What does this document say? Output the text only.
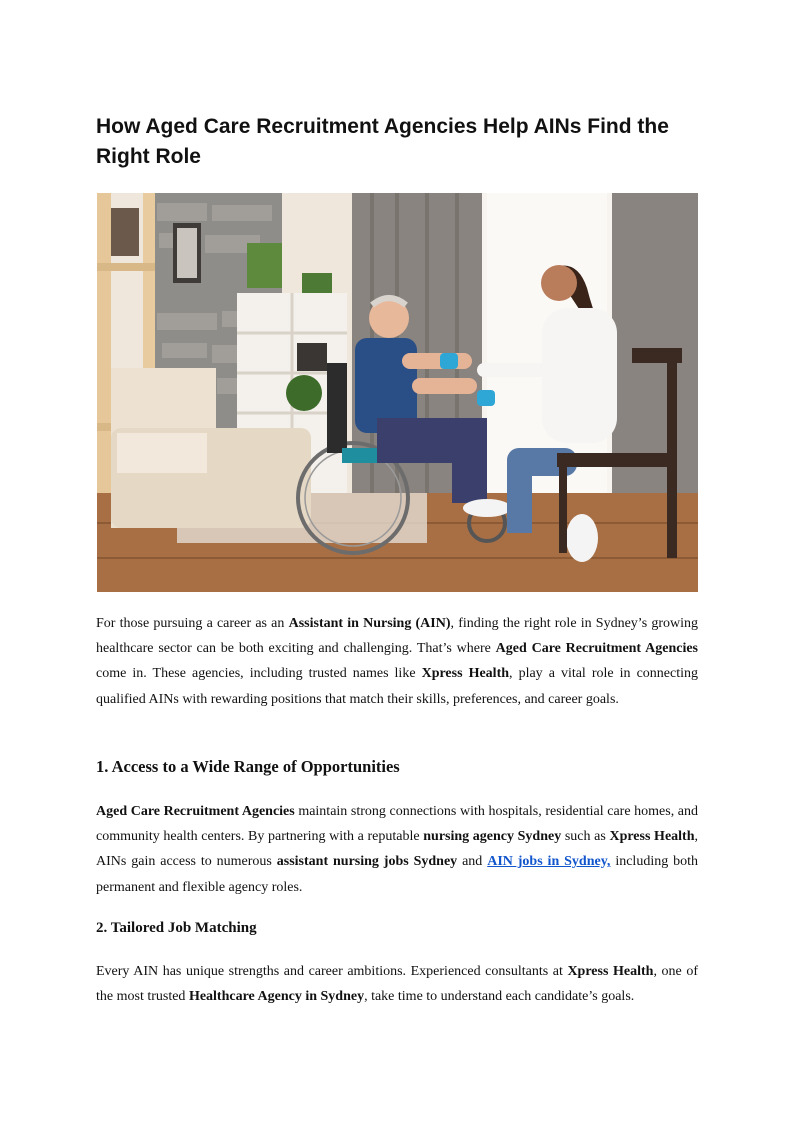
How Aged Care Recruitment Agencies Help AINs Find the Right Role

For those pursuing a career as an Assistant in Nursing (AIN), finding the right role in Sydney’s growing healthcare sector can be both exciting and challenging. That’s where Aged Care Recruitment Agencies come in. These agencies, including trusted names like Xpress Health, play a vital role in connecting qualified AINs with rewarding positions that match their skills, preferences, and career goals.

1. Access to a Wide Range of Opportunities

Aged Care Recruitment Agencies maintain strong connections with hospitals, residential care homes, and community health centers. By partnering with a reputable nursing agency Sydney such as Xpress Health, AINs gain access to numerous assistant nursing jobs Sydney and AIN jobs in Sydney, including both permanent and flexible agency roles.

2. Tailored Job Matching

Every AIN has unique strengths and career ambitions. Experienced consultants at Xpress Health, one of the most trusted Healthcare Agency in Sydney, take time to understand each candidate’s goals.
